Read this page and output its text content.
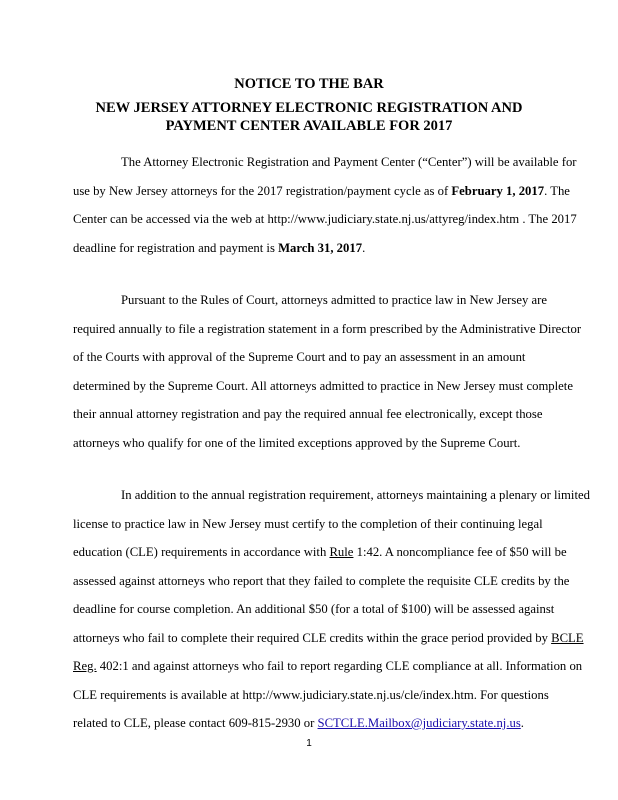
NOTICE TO THE BAR
NEW JERSEY ATTORNEY ELECTRONIC REGISTRATION AND
PAYMENT CENTER AVAILABLE FOR 2017
The Attorney Electronic Registration and Payment Center (“Center”) will be available for
use by New Jersey attorneys for the 2017 registration/payment cycle as of February 1, 2017. The
Center can be accessed via the web at http://www.judiciary.state.nj.us/attyreg/index.htm . The 2017
deadline for registration and payment is March 31, 2017.
Pursuant to the Rules of Court, attorneys admitted to practice law in New Jersey are
required annually to file a registration statement in a form prescribed by the Administrative Director
of the Courts with approval of the Supreme Court and to pay an assessment in an amount
determined by the Supreme Court. All attorneys admitted to practice in New Jersey must complete
their annual attorney registration and pay the required annual fee electronically, except those
attorneys who qualify for one of the limited exceptions approved by the Supreme Court.
In addition to the annual registration requirement, attorneys maintaining a plenary or limited
license to practice law in New Jersey must certify to the completion of their continuing legal
education (CLE) requirements in accordance with Rule 1:42. A noncompliance fee of $50 will be
assessed against attorneys who report that they failed to complete the requisite CLE credits by the
deadline for course completion. An additional $50 (for a total of $100) will be assessed against
attorneys who fail to complete their required CLE credits within the grace period provided by BCLE
Reg. 402:1 and against attorneys who fail to report regarding CLE compliance at all. Information on
CLE requirements is available at http://www.judiciary.state.nj.us/cle/index.htm. For questions
related to CLE, please contact 609-815-2930 or SCTCLE.Mailbox@judiciary.state.nj.us.
1
